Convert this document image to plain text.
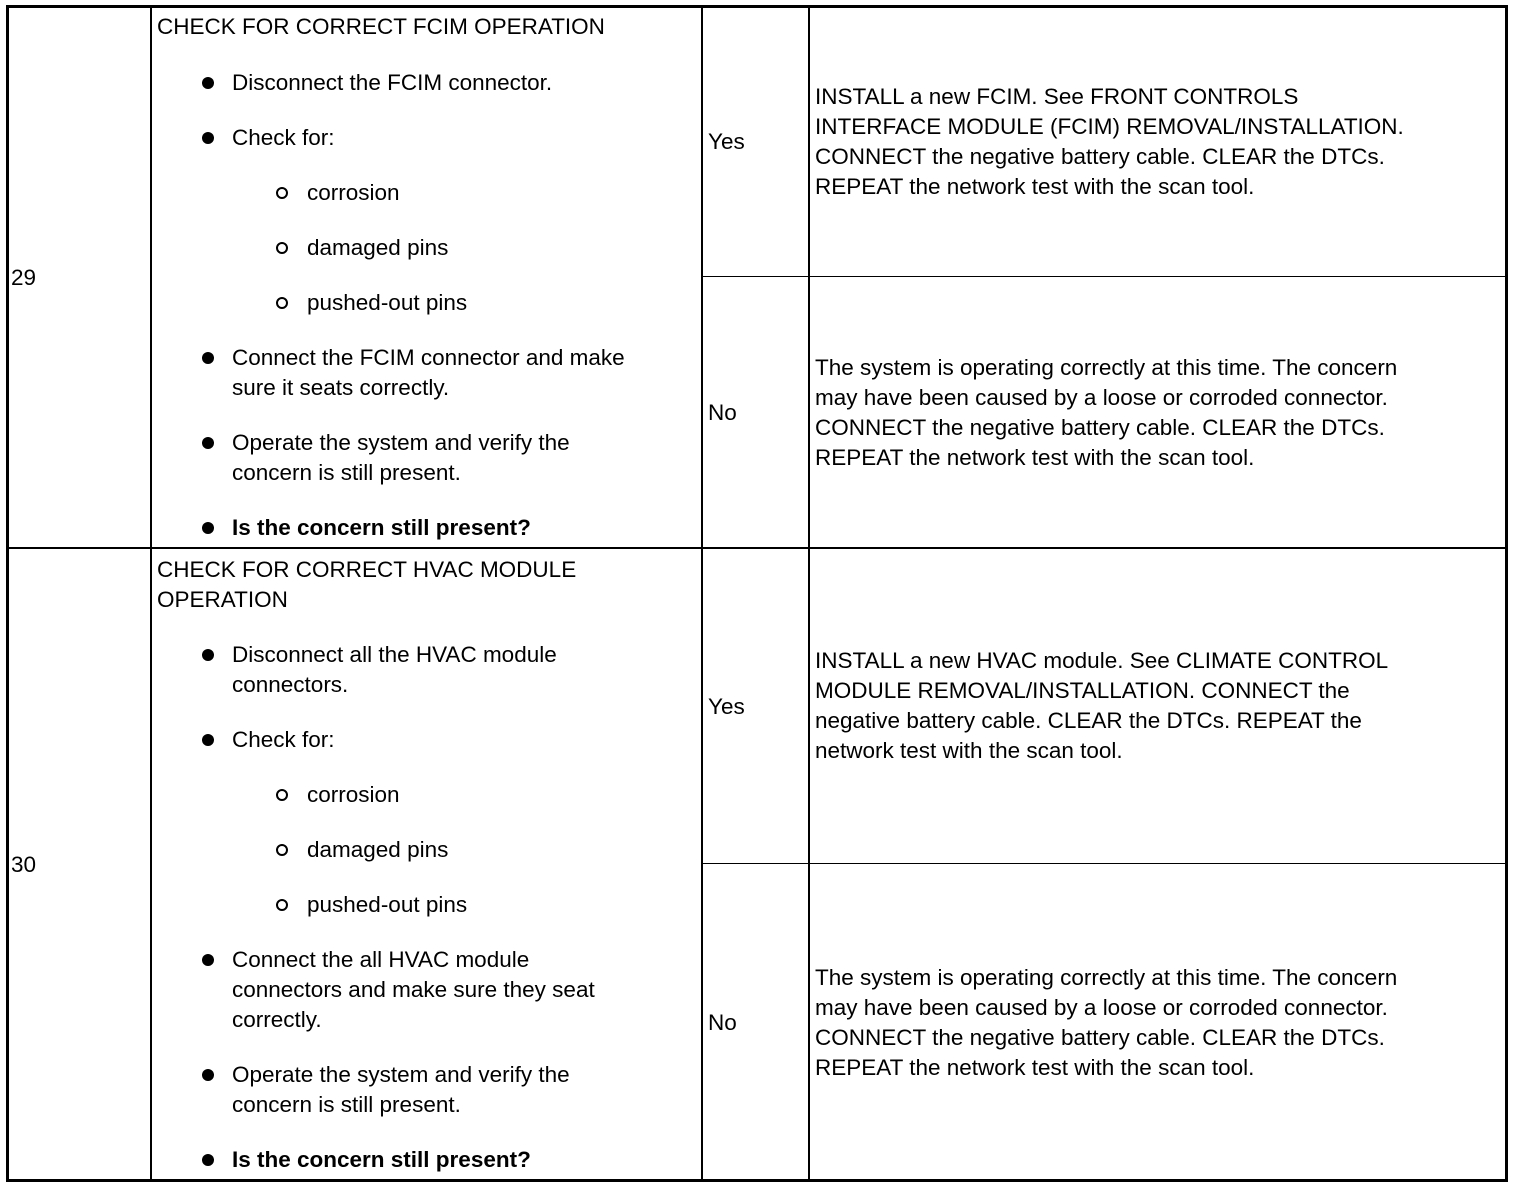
29
CHECK FOR CORRECT FCIM OPERATION
Disconnect the FCIM connector.
Check for:
corrosion
damaged pins
pushed-out pins
Connect the FCIM connector and make
sure it seats correctly.
Operate the system and verify the
concern is still present.
Is the concern still present?
Yes
INSTALL a new FCIM. See FRONT CONTROLS
INTERFACE MODULE (FCIM) REMOVAL/INSTALLATION.
CONNECT the negative battery cable. CLEAR the DTCs.
REPEAT the network test with the scan tool.
No
The system is operating correctly at this time. The concern
may have been caused by a loose or corroded connector.
CONNECT the negative battery cable. CLEAR the DTCs.
REPEAT the network test with the scan tool.
30
CHECK FOR CORRECT HVAC MODULE
OPERATION
Disconnect all the HVAC module
connectors.
Check for:
corrosion
damaged pins
pushed-out pins
Connect the all HVAC module
connectors and make sure they seat
correctly.
Operate the system and verify the
concern is still present.
Is the concern still present?
Yes
INSTALL a new HVAC module. See CLIMATE CONTROL
MODULE REMOVAL/INSTALLATION. CONNECT the
negative battery cable. CLEAR the DTCs. REPEAT the
network test with the scan tool.
No
The system is operating correctly at this time. The concern
may have been caused by a loose or corroded connector.
CONNECT the negative battery cable. CLEAR the DTCs.
REPEAT the network test with the scan tool.
